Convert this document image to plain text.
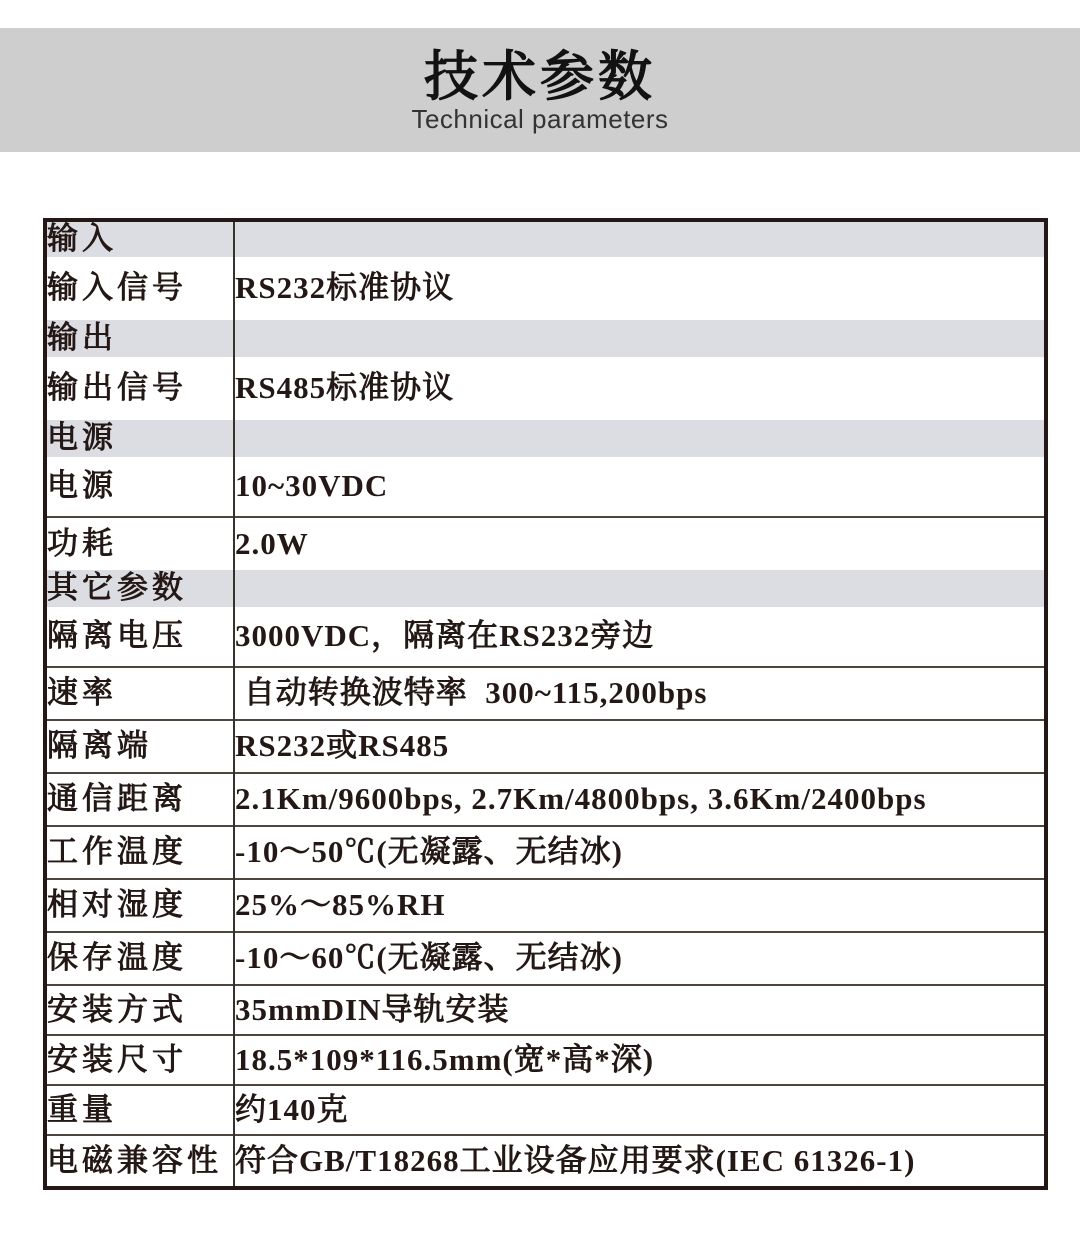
技术参数
Technical parameters
输入	
输入信号	RS232标准协议
输出	
输出信号	RS485标准协议
电源	
电源	10~30VDC
功耗	2.0W
其它参数	
隔离电压	3000VDC，隔离在RS232旁边
速率	自动转换波特率  300~115,200bps
隔离端	RS232或RS485
通信距离	2.1Km/9600bps, 2.7Km/4800bps, 3.6Km/2400bps
工作温度	-10～50℃(无凝露、无结冰)
相对湿度	25%～85%RH
保存温度	-10～60℃(无凝露、无结冰)
安装方式	35mmDIN导轨安装
安装尺寸	18.5*109*116.5mm(宽*高*深)
重量	约140克
电磁兼容性	符合GB/T18268工业设备应用要求(IEC 61326-1)
